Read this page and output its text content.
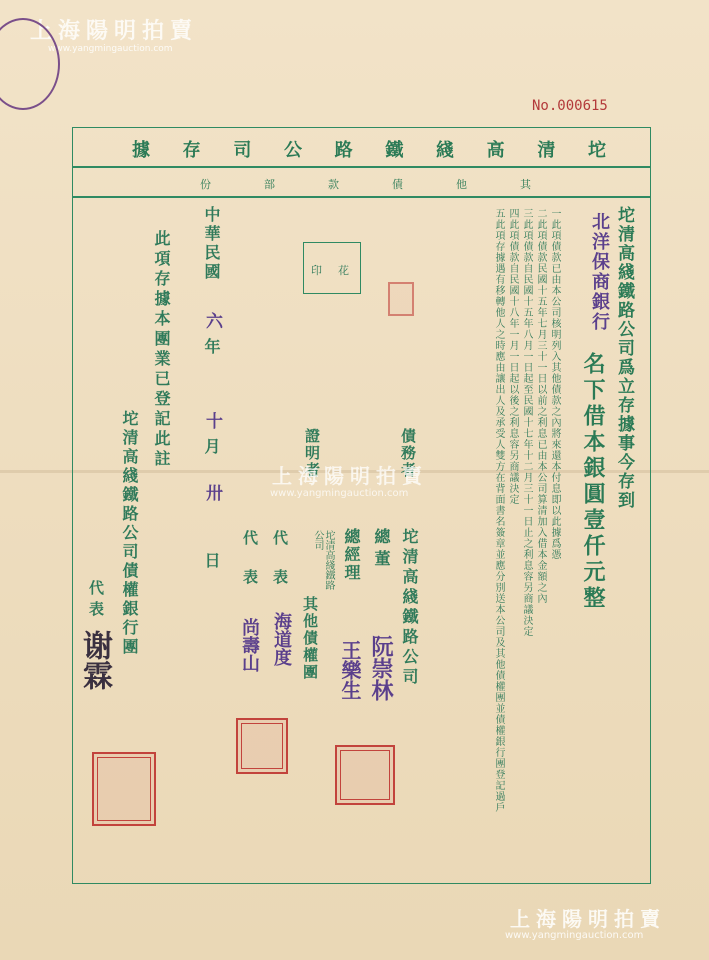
上海陽明拍賣
www.yangmingauction.com
No.000615
坨
清
高
綫
鐵
路
公
司
存
據
其
他
債
款
部
份
坨清高綫鐵路公司爲立存據事今存到
北洋保商銀行
名下借本銀圓壹仟元整
一此項債款已由本公司核明列入其他債款之內將來還本付息即以此據爲憑
二此項債款民國十五年七月三十一日以前之利息已由本公司算清加入借本金額之內
三此項債款自民國十五年八月一日起至民國十七年十二月三十一日止之利息容另商議決定
四此項債款自民國十八年一月一日起以後之利息容另商議決定
五此項存據遇有移轉他人之時應由讓出人及承受人雙方在背面書名簽章並應分別送本公司及其他債權團並債權銀行團登記過戶
債務者
坨清高綫鐵路公司
總董
阮崇林
總經理
王樂生
證明者
坨清高綫鐵路公司
其他債權團
代表
海道度
代表
尚壽山
印花
中華民國
六
年
十
月
卅
日
此項存據本團業已登記此註
坨清高綫鐵路公司債權銀行團
代表
谢霖
上海陽明拍賣
www.yangmingauction.com
上海陽明拍賣
www.yangmingauction.com
